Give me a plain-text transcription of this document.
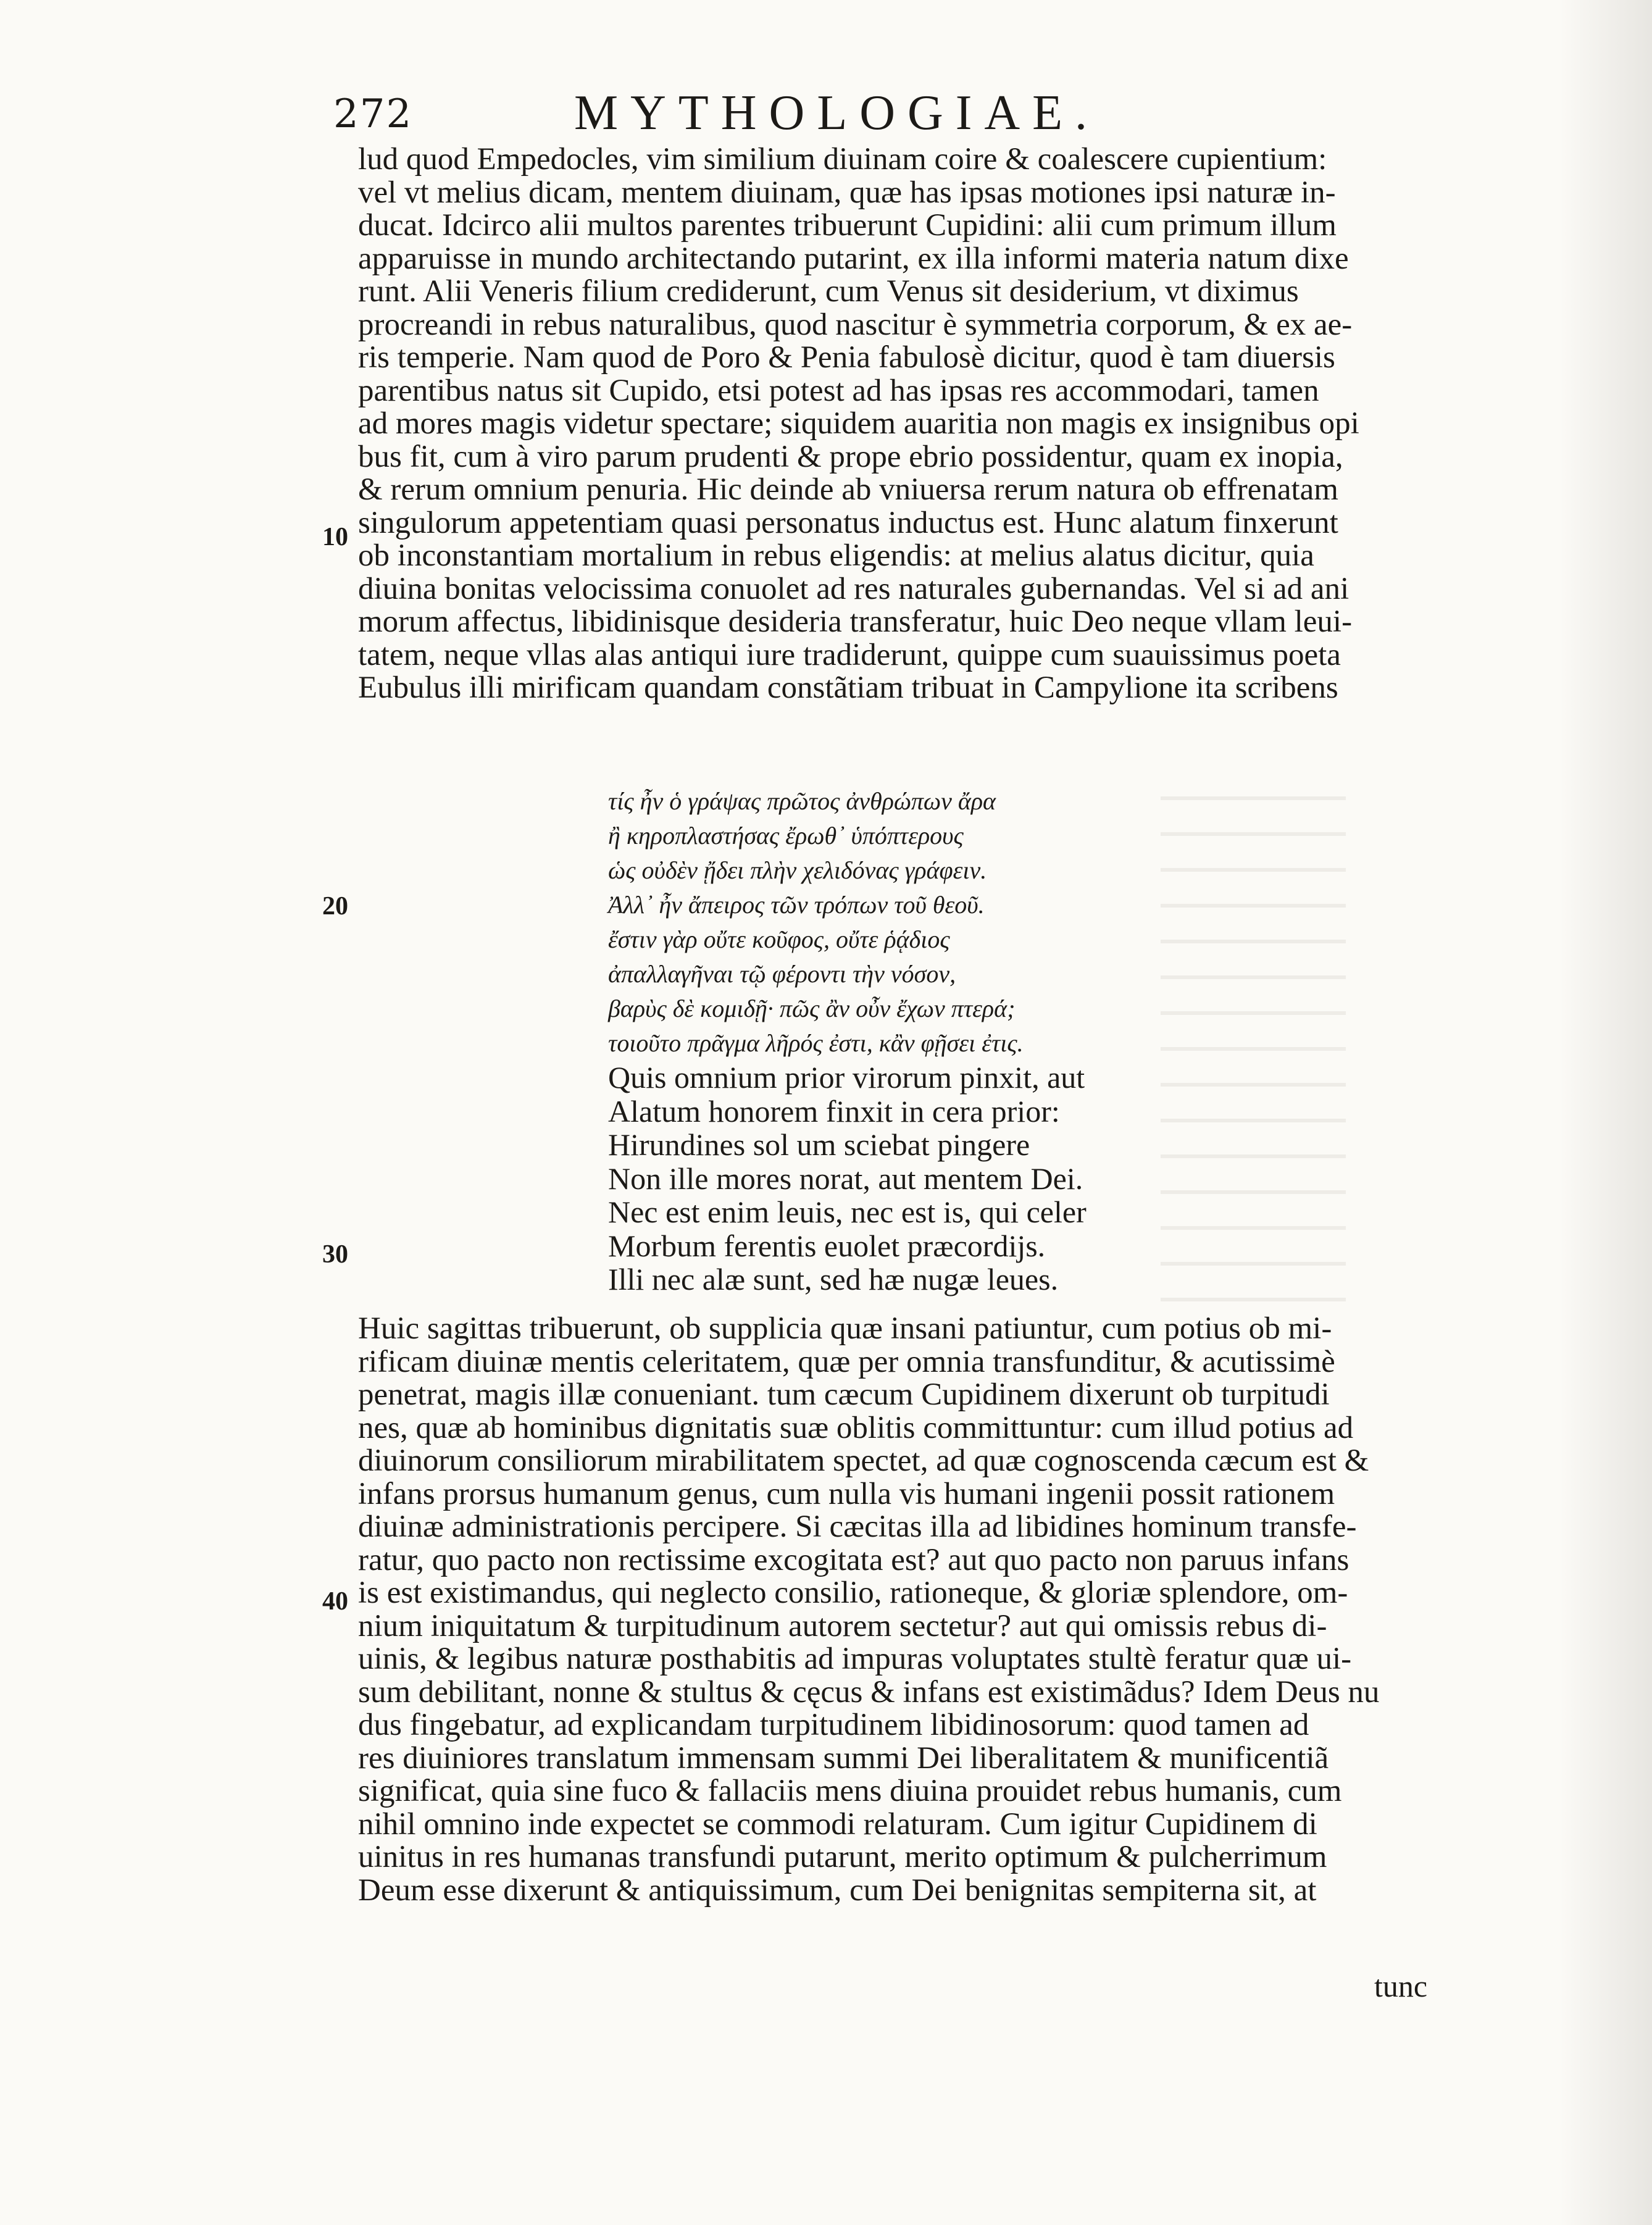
272	MYTHOLOGIAE.

lud quod Empedocles, vim similium diuinam coire & coalescere cupientium:

vel vt melius dicam, mentem diuinam, quæ has ipsas motiones ipsi naturæ in-

ducat. Idcirco alii multos parentes tribuerunt Cupidini: alii cum primum illum

apparuisse in mundo architectando putarint, ex illa informi materia natum dixe

runt. Alii Veneris filium crediderunt, cum Venus sit desiderium, vt diximus

procreandi in rebus naturalibus, quod nascitur è symmetria corporum, & ex ae-

ris temperie. Nam quod de Poro & Penia fabulosè dicitur, quod è tam diuersis

parentibus natus sit Cupido, etsi potest ad has ipsas res accommodari, tamen

ad mores magis videtur spectare; siquidem auaritia non magis ex insignibus opi

bus fit, cum à viro parum prudenti & prope ebrio possidentur, quam ex inopia,

& rerum omnium penuria. Hic deinde ab vniuersa rerum natura ob effrenatam

singulorum appetentiam quasi personatus inductus est. Hunc alatum finxerunt

ob inconstantiam mortalium in rebus eligendis: at melius alatus dicitur, quia

diuina bonitas velocissima conuolet ad res naturales gubernandas. Vel si ad ani

morum affectus, libidinisque desideria transferatur, huic Deo neque vllam leui-

tatem, neque vllas alas antiqui iure tradiderunt, quippe cum suauissimus poeta

Eubulus illi mirificam quandam constãtiam tribuat in Campylione ita scribens

τίς ἦν ὁ γράψας πρῶτος ἀνθρώπων ἄρα

ἢ κηροπλαστήσας ἔρωθ᾽ ὑπόπτερους

ὡς οὐδὲν ᾔδει πλὴν χελιδόνας γράφειν.

Ἀλλ᾽ ἦν ἄπειρος τῶν τρόπων τοῦ θεοῦ.

ἔστιν γὰρ οὔτε κοῦφος, οὔτε ῥᾴδιος

ἀπαλλαγῆναι τῷ φέροντι τὴν νόσον,

βαρὺς δὲ κομιδῇ· πῶς ἂν οὖν ἔχων πτερά;

τοιοῦτο πρᾶγμα λῆρός ἐστι, κἂν φῇσει ἐτις.

Quis omnium prior virorum pinxit, aut

Alatum honorem finxit in cera prior:

Hirundines sol um sciebat pingere

Non ille mores norat, aut mentem Dei.

Nec est enim leuis, nec est is, qui celer

Morbum ferentis euolet præcordijs.

Illi nec alæ sunt, sed hæ nugæ leues.

Huic sagittas tribuerunt, ob supplicia quæ insani patiuntur, cum potius ob mi-

rificam diuinæ mentis celeritatem, quæ per omnia transfunditur, & acutissimè

penetrat, magis illæ conueniant. tum cæcum Cupidinem dixerunt ob turpitudi

nes, quæ ab hominibus dignitatis suæ oblitis committuntur: cum illud potius ad

diuinorum consiliorum mirabilitatem spectet, ad quæ cognoscenda cæcum est &

infans prorsus humanum genus, cum nulla vis humani ingenii possit rationem

diuinæ administrationis percipere. Si cæcitas illa ad libidines hominum transfe-

ratur, quo pacto non rectissime excogitata est? aut quo pacto non paruus infans

is est existimandus, qui neglecto consilio, rationeque, & gloriæ splendore, om-

nium iniquitatum & turpitudinum autorem sectetur? aut qui omissis rebus di-

uinis, & legibus naturæ posthabitis ad impuras voluptates stultè feratur quæ ui-

sum debilitant, nonne & stultus & cęcus & infans est existimãdus? Idem Deus nu

dus fingebatur, ad explicandam turpitudinem libidinosorum: quod tamen ad

res diuiniores translatum immensam summi Dei liberalitatem & munificentiã

significat, quia sine fuco & fallaciis mens diuina prouidet rebus humanis, cum

nihil omnino inde expectet se commodi relaturam. Cum igitur Cupidinem di

uinitus in res humanas transfundi putarunt, merito optimum & pulcherrimum

Deum esse dixerunt & antiquissimum, cum Dei benignitas sempiterna sit, at

10
20
30
40
tunc
